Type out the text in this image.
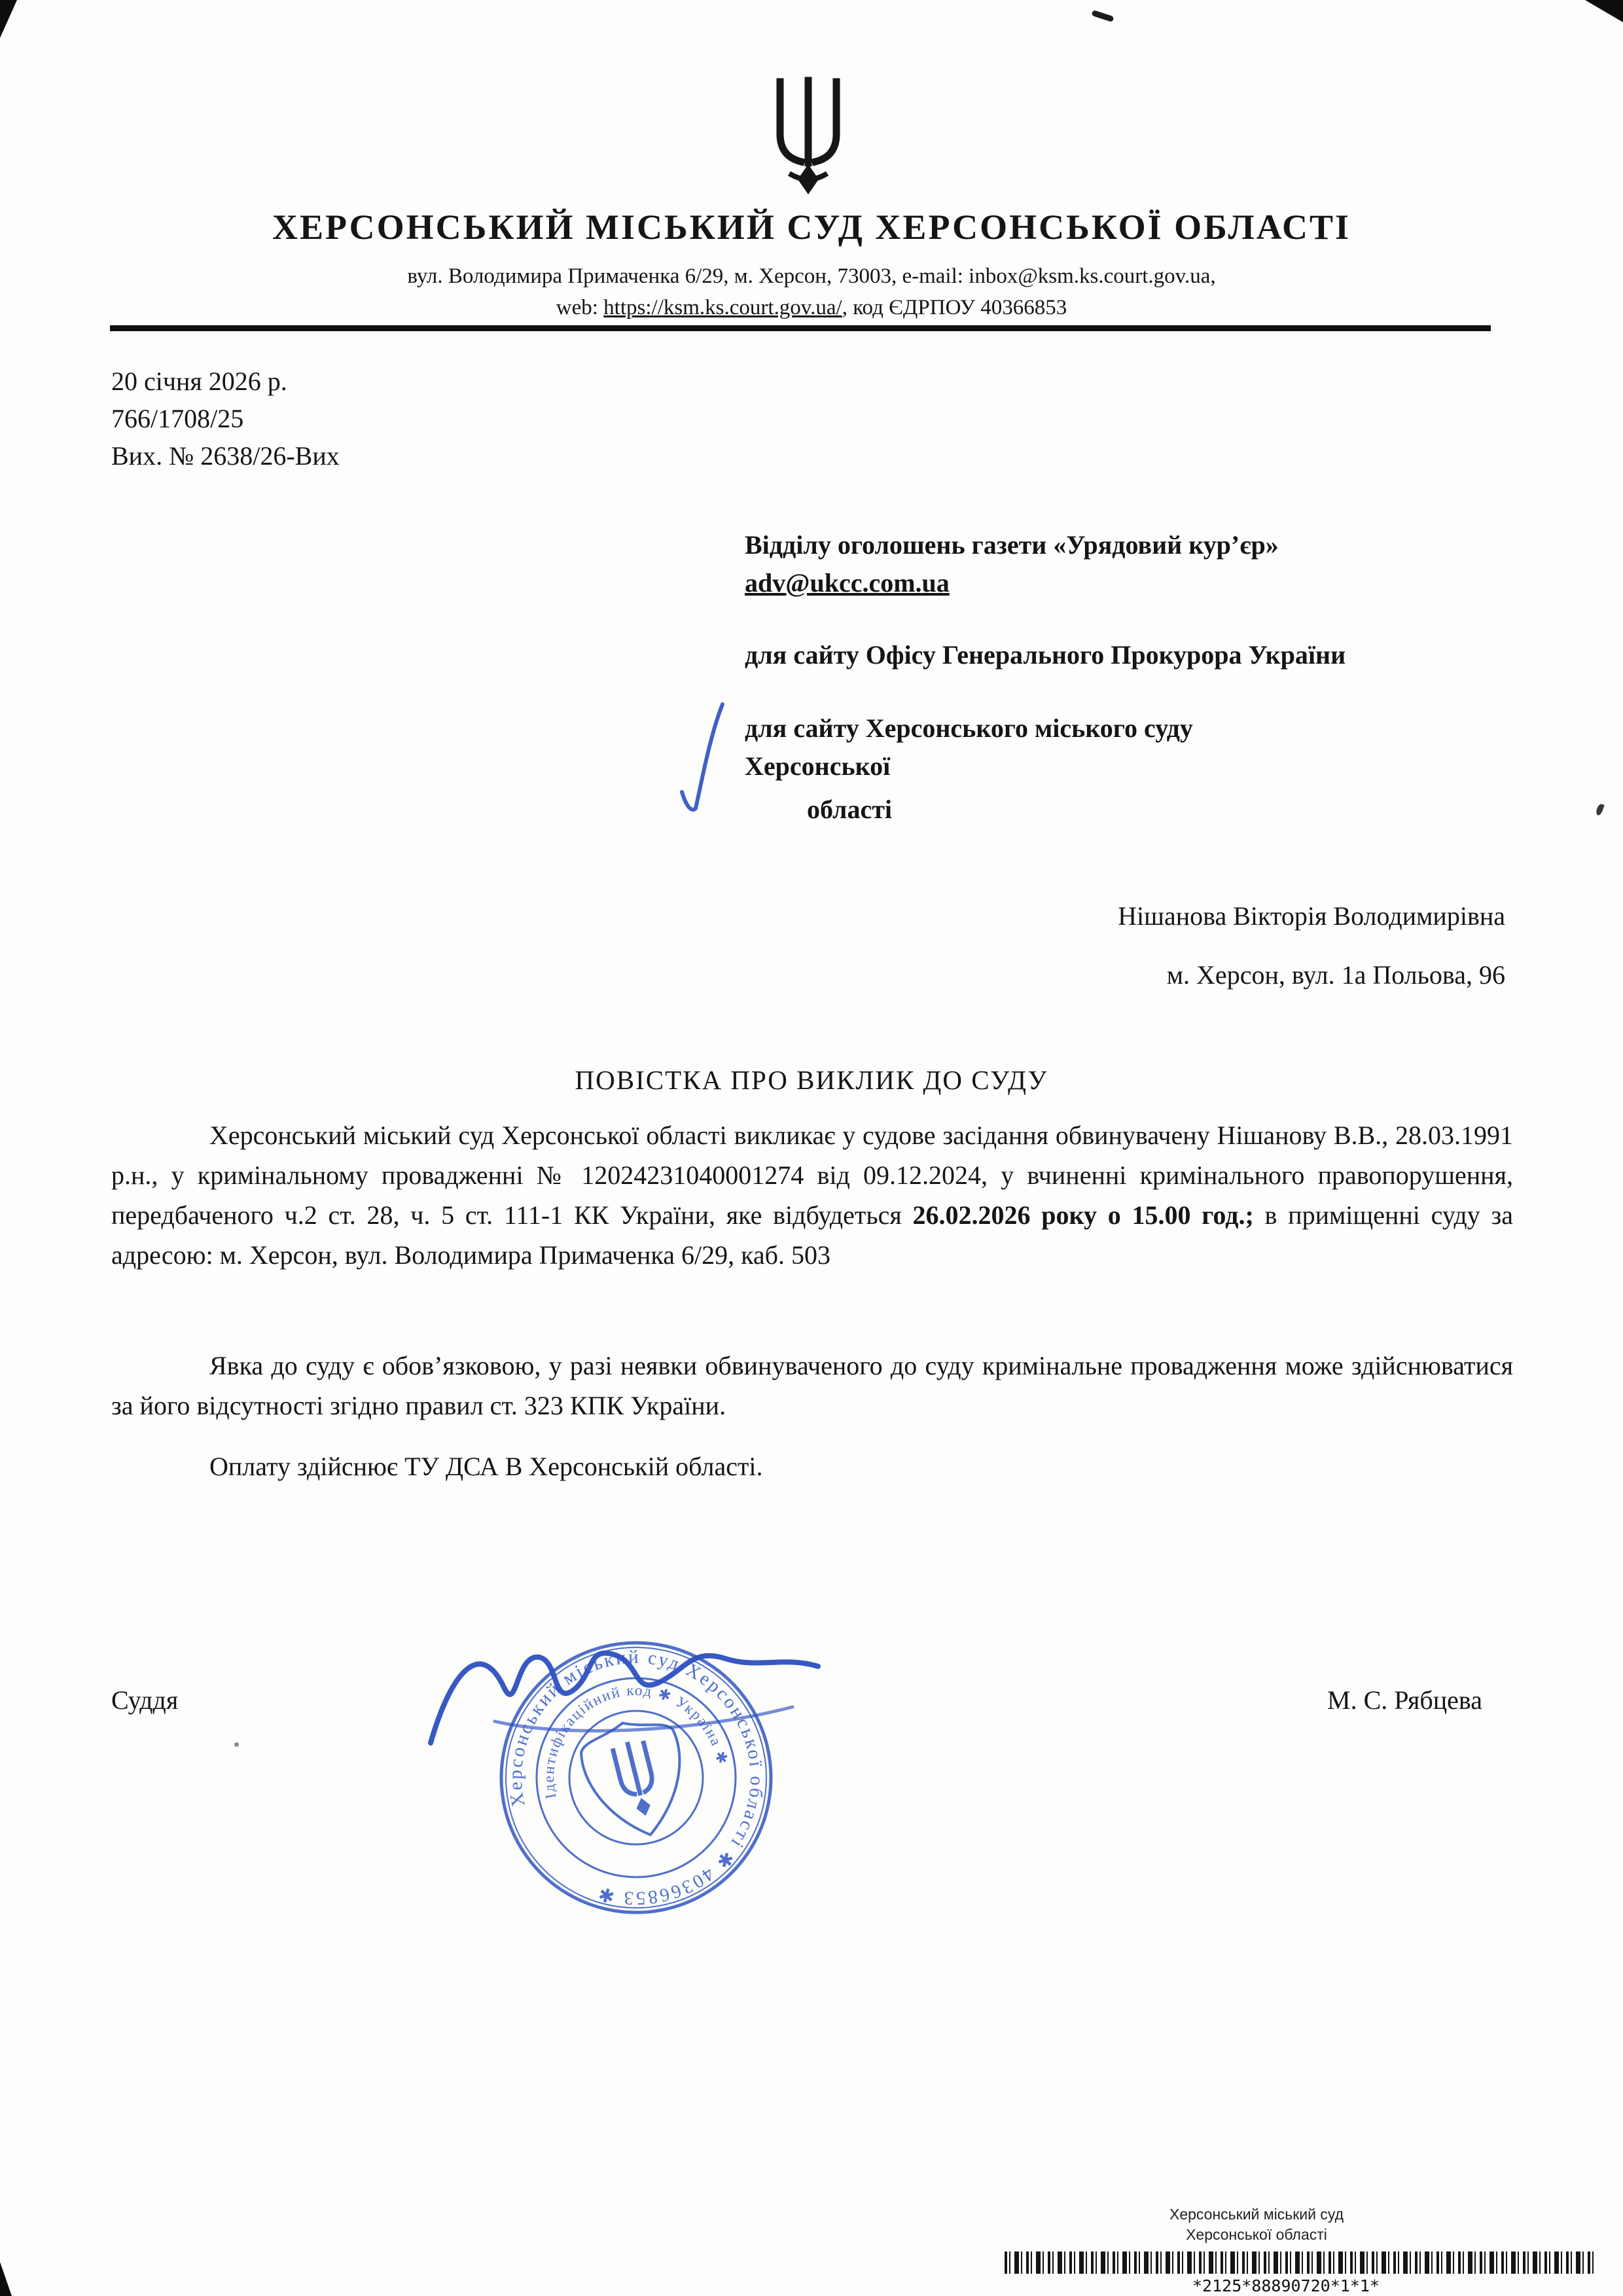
ХЕРСОНСЬКИЙ МІСЬКИЙ СУД ХЕРСОНСЬКОЇ ОБЛАСТІ
вул. Володимира Примаченка 6/29, м. Херсон, 73003, e-mail: inbox@ksm.ks.court.gov.ua,
web: https://ksm.ks.court.gov.ua/, код ЄДРПОУ 40366853
20 січня 2026 р.
766/1708/25
Вих. № 2638/26-Вих
Відділу оголошень газети «Урядовий кур’єр»
adv@ukcc.com.ua
для сайту Офісу Генерального Прокурора України
для сайту Херсонського міського суду
Херсонської
області
Нішанова Вікторія Володимирівна
м. Херсон, вул. 1а Польова, 96
ПОВІСТКА ПРО ВИКЛИК ДО СУДУ
Херсонський міський суд Херсонської області викликає у судове засідання обвинувачену Нішанову В.В., 28.03.1991 р.н., у кримінальному провадженні № 12024231040001274 від 09.12.2024, у вчиненні кримінального правопорушення, передбаченого ч.2 ст. 28, ч. 5 ст. 111-1 КК України, яке відбудеться 26.02.2026 року о 15.00 год.; в приміщенні суду за адресою: м. Херсон, вул. Володимира Примаченка 6/29, каб. 503
Явка до суду є обов’язковою, у разі неявки обвинуваченого до суду кримінальне провадження може здійснюватися за його відсутності згідно правил ст. 323 КПК України.
Оплату здійснює ТУ ДСА В Херсонській області.
Суддя	М. С. Рябцева
Херсонський міський суд Херсонської області ✱ 40366853 ✱
Ідентифікаційний код ✱ Україна ✱
Херсонський міський суд
Херсонської області
*2125*88890720*1*1*
